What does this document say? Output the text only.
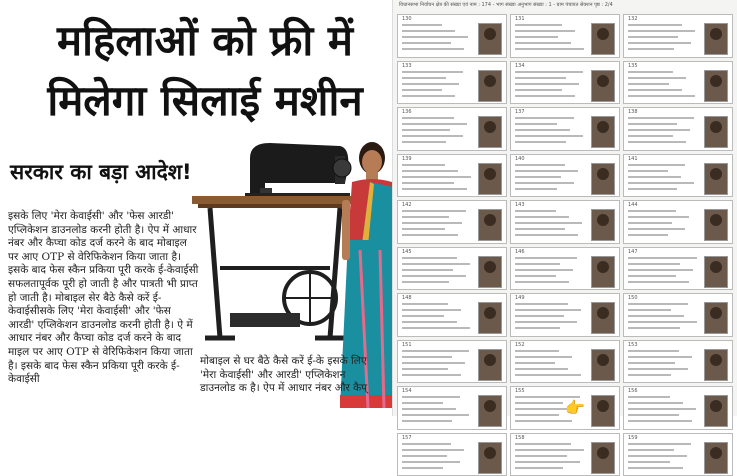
महिलाओं को फ्री में
मिलेगा सिलाई मशीन
सरकार का बड़ा आदेश!

इसके लिए 'मेरा केवाईसी' और 'फेस आरडी' एप्लिकेशन डाउनलोड करनी होती है। ऐप में आधार नंबर और कैप्चा कोड दर्ज करने के बाद मोबाइल पर आए OTP से वेरिफिकेशन किया जाता है। इसके बाद फेस स्कैन प्रकिया पूरी करके ई-केवाईसी सफलतापूर्वक पूरी हो जाती है और पात्रती भी प्राप्त हो जाती है। मोबाइल सेर बैठे कैसे करें ई-केवाईसीसके लिए 'मेरा केवाईसी' और 'फेस आरडी' एप्लिकेशन डाउनलोड करनी होती है। ऐ में आधार नंबर और कैप्चा कोड दर्ज करने के बाद माइल पर आए OTP से वेरिफिकेशन किया जाता है। इसके बाद फेस स्कैन प्रकिया पूरी करके ई-केवाईसी

मोबाइल से घर बैठे कैसे करें ई-के इसके लिए 'मेरा केवाईसी' और आरडी' एप्लिकेशन डाउनलोड क है। ऐप में आधार नंबर और कैप्

विधानसभा निर्वाचन क्षेत्र की संख्या एवं नाम : 174 - भाग संख्या अनुभाग संख्या : 1 - ग्राम पंचायत सेक्शन पृष्ठ : 2/4
130	131	132
133	134	135
136	137	138
139	140	141
142	143	144
145	146	147
148	149	150
151	152	153
154	155	156
157	158	159
👉
